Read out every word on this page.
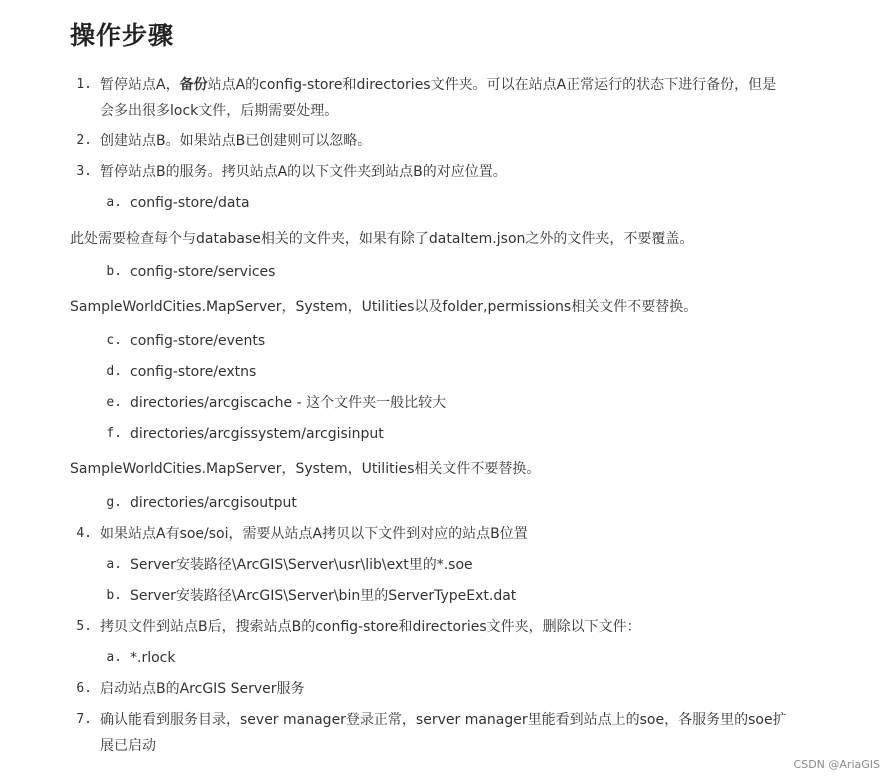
操作步骤
1. 暂停站点A，备份站点A的config-store和directories文件夹。可以在站点A正常运行的状态下进行备份，但是
会多出很多lock文件，后期需要处理。
2. 创建站点B。如果站点B已创建则可以忽略。
3. 暂停站点B的服务。拷贝站点A的以下文件夹到站点B的对应位置。
a. config-store/data

此处需要检查每个与database相关的文件夹，如果有除了dataItem.json之外的文件夹，不要覆盖。

b. config-store/services

SampleWorldCities.MapServer，System，Utilities以及folder,permissions相关文件不要替换。

c. config-store/events
d. config-store/extns
e. directories/arcgiscache - 这个文件夹一般比较大
f. directories/arcgissystem/arcgisinput

SampleWorldCities.MapServer，System，Utilities相关文件不要替换。

g. directories/arcgisoutput
4. 如果站点A有soe/soi，需要从站点A拷贝以下文件到对应的站点B位置
a. Server安装路径\ArcGIS\Server\usr\lib\ext里的*.soe
b. Server安装路径\ArcGIS\Server\bin里的ServerTypeExt.dat
5. 拷贝文件到站点B后，搜索站点B的config-store和directories文件夹，删除以下文件：
a. *.rlock
6. 启动站点B的ArcGIS Server服务
7. 确认能看到服务目录，sever manager登录正常，server manager里能看到站点上的soe，各服务里的soe扩
展已启动
CSDN @AriaGIS
